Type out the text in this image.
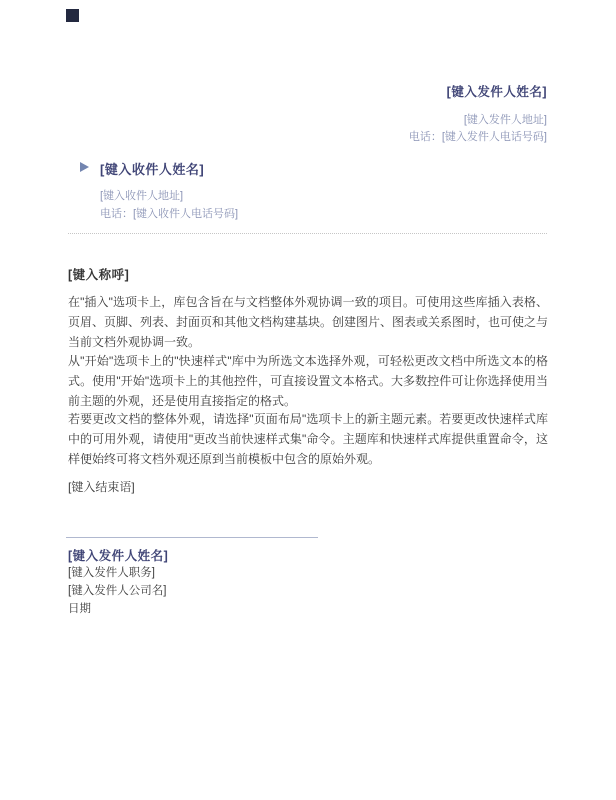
[键入发件人姓名]
[键入发件人地址]
电话：[键入发件人电话号码]
[键入收件人姓名]
[键入收件人地址]
电话：[键入收件人电话号码]
[键入称呼]
在"插入"选项卡上，库包含旨在与文档整体外观协调一致的项目。可使用这些库插入表格、页眉、页脚、列表、封面页和其他文档构建基块。创建图片、图表或关系图时，也可使之与当前文档外观协调一致。
从"开始"选项卡上的"快速样式"库中为所选文本选择外观，可轻松更改文档中所选文本的格式。使用"开始"选项卡上的其他控件，可直接设置文本格式。大多数控件可让你选择使用当前主题的外观，还是使用直接指定的格式。
若要更改文档的整体外观，请选择"页面布局"选项卡上的新主题元素。若要更改快速样式库中的可用外观，请使用"更改当前快速样式集"命令。主题库和快速样式库提供重置命令，这样便始终可将文档外观还原到当前模板中包含的原始外观。
[键入结束语]
[键入发件人姓名]
[键入发件人职务]
[键入发件人公司名]
日期
